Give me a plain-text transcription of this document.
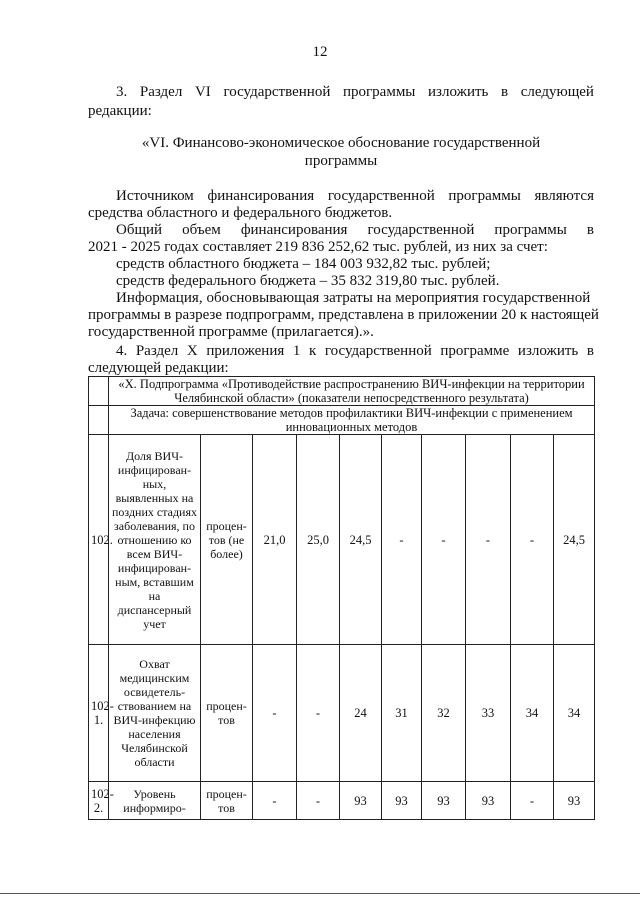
12
3. Раздел VI государственной программы изложить в следующей
редакции:
«VI. Финансово-экономическое обоснование государственной
программы
Источником финансирования государственной программы являются
средства областного и федерального бюджетов.
Общий объем финансирования государственной программы в
2021 - 2025 годах составляет 219 836 252,62 тыс. рублей, из них за счет:
средств областного бюджета – 184 003 932,82 тыс. рублей;
средств федерального бюджета – 35 832 319,80 тыс. рублей.
Информация, обосновывающая затраты на мероприятия государственной
программы в разрезе подпрограмм, представлена в приложении 20 к настоящей
государственной программе (прилагается).».
4. Раздел X приложения 1 к государственной программе изложить в
следующей редакции:
	«X. Подпрограмма «Противодействие распространению ВИЧ-инфекции на территории Челябинской области» (показатели непосредственного результата)									
	Задача: совершенствование методов профилактики ВИЧ-инфекции с применением инновационных методов									
102.	Доля ВИЧ-инфицирован-ных, выявленных на поздних стадиях заболевания, по отношению ко всем ВИЧ-инфицирован-ным, вставшим на диспансерный учет	процен-тов (не более)	21,0	25,0	24,5	-	-	-	-	24,5
102-1.	Охват медицинским освидетель-ствованием на ВИЧ-инфекцию населения Челябинской области	процен-тов	-	-	24	31	32	33	34	34
102-2.	Уровень информиро-	процен-тов	-	-	93	93	93	93	-	93
